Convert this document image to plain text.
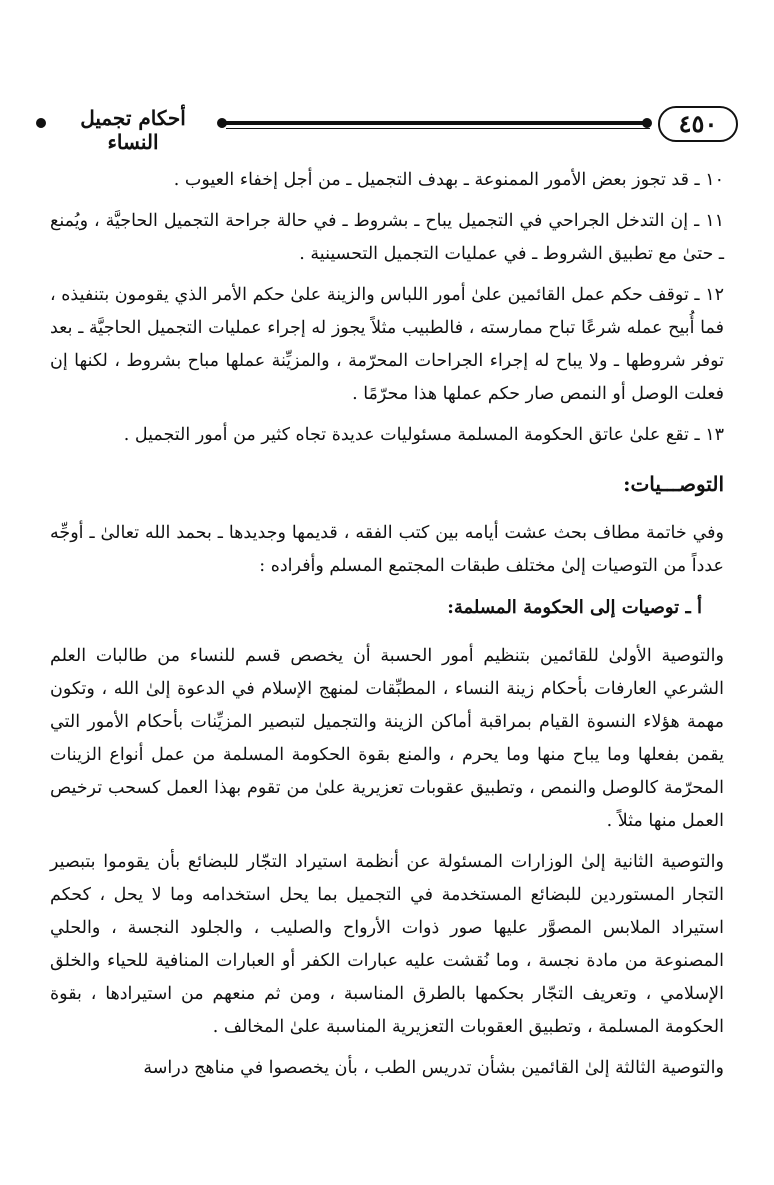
أحكام تجميل النساء
٤٥٠

١٠ ـ قد تجوز بعض الأمور الممنوعة ـ بهدف التجميل ـ من أجل إخفاء العيوب .

١١ ـ إن التدخل الجراحي في التجميل يباح ـ بشروط ـ في حالة جراحة التجميل الحاجيَّة ، ويُمنع ـ حتىٰ مع تطبيق الشروط ـ في عمليات التجميل التحسينية .

١٢ ـ توقف حكم عمل القائمين علىٰ أمور اللباس والزينة علىٰ حكم الأمر الذي يقومون بتنفيذه ، فما أُبيح عمله شرعًا تباح ممارسته ، فالطبيب مثلاً يجوز له إجراء عمليات التجميل الحاجيَّة ـ بعد توفر شروطها ـ ولا يباح له إجراء الجراحات المحرّمة ، والمزيِّنة عملها مباح بشروط ، لكنها إن فعلت الوصل أو النمص صار حكم عملها هذا محرّمًا .

١٣ ـ تقع علىٰ عاتق الحكومة المسلمة مسئوليات عديدة تجاه كثير من أمور التجميل .

التوصـــيات:

وفي خاتمة مطاف بحث عشت أيامه بين كتب الفقه ، قديمها وجديدها ـ بحمد الله تعالىٰ ـ أوجِّه عدداً من التوصيات إلىٰ مختلف طبقات المجتمع المسلم وأفراده :

أ ـ توصيات إلى الحكومة المسلمة:

والتوصية الأولىٰ للقائمين بتنظيم أمور الحسبة أن يخصص قسم للنساء من طالبات العلم الشرعي العارفات بأحكام زينة النساء ، المطبِّقات لمنهج الإسلام في الدعوة إلىٰ الله ، وتكون مهمة هؤلاء النسوة القيام بمراقبة أماكن الزينة والتجميل لتبصير المزيِّنات بأحكام الأمور التي يقمن بفعلها وما يباح منها وما يحرم ، والمنع بقوة الحكومة المسلمة من عمل أنواع الزينات المحرّمة كالوصل والنمص ، وتطبيق عقوبات تعزيرية علىٰ من تقوم بهذا العمل كسحب ترخيص العمل منها مثلاً .

والتوصية الثانية إلىٰ الوزارات المسئولة عن أنظمة استيراد التجّار للبضائع بأن يقوموا بتبصير التجار المستوردين للبضائع المستخدمة في التجميل بما يحل استخدامه وما لا يحل ، كحكم استيراد الملابس المصوَّر عليها صور ذوات الأرواح والصليب ، والجلود النجسة ، والحلي المصنوعة من مادة نجسة ، وما نُقشت عليه عبارات الكفر أو العبارات المنافية للحياء والخلق الإسلامي ، وتعريف التجّار بحكمها بالطرق المناسبة ، ومن ثم منعهم من استيرادها ، بقوة الحكومة المسلمة ، وتطبيق العقوبات التعزيرية المناسبة علىٰ المخالف .

والتوصية الثالثة إلىٰ القائمين بشأن تدريس الطب ، بأن يخصصوا في مناهج دراسة
